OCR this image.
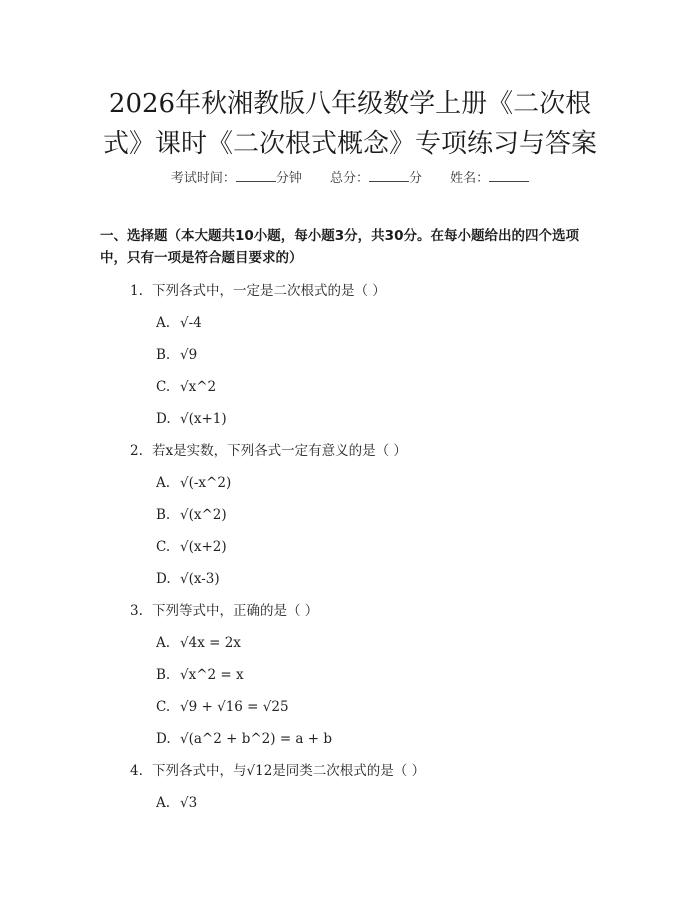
2026年秋湘教版八年级数学上册《二次根
式》课时《二次根式概念》专项练习与答案
考试时间：	分钟 总分：	分 姓名：
一、选择题（本大题共10小题，每小题3分，共30分。在每小题给出的四个选项中，只有一项是符合题目要求的）
1. 下列各式中，一定是二次根式的是（ ）
A. √-4
B. √9
C. √x^2
D. √(x+1)
2. 若x是实数，下列各式一定有意义的是（ ）
A. √(-x^2)
B. √(x^2)
C. √(x+2)
D. √(x-3)
3. 下列等式中，正确的是（ ）
A. √4x = 2x
B. √x^2 = x
C. √9 + √16 = √25
D. √(a^2 + b^2) = a + b
4. 下列各式中，与√12是同类二次根式的是（ ）
A. √3
